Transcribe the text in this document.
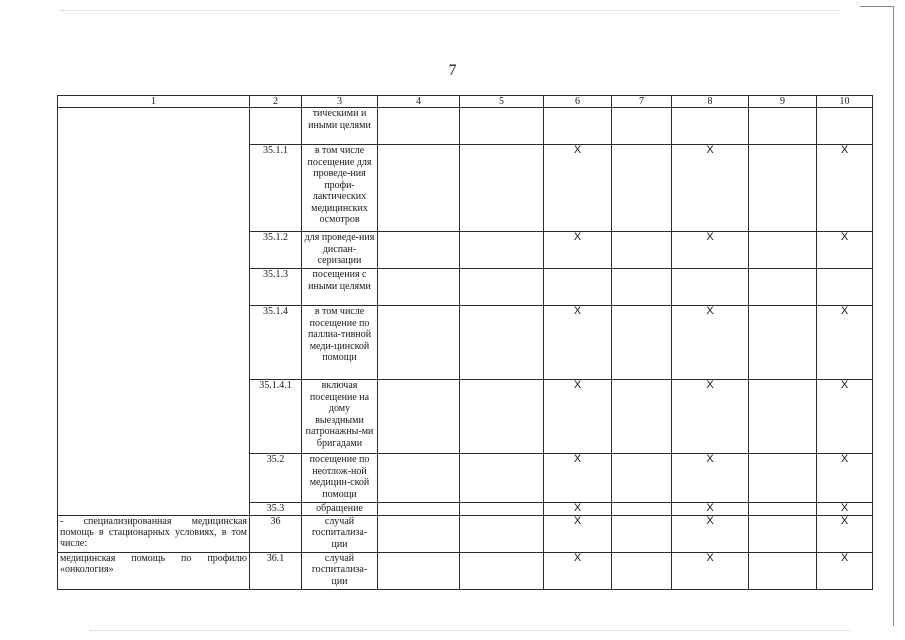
7
1	2	3	4	5	6	7	8	9	10
		тическими и иными целями							
	35.1.1	в том числе посещение для проведе-ния профи-лактических медицинских осмотров			X		X		X
	35.1.2	для проведе-ния диспан-серизации			X		X		X
	35.1.3	посещения с иными целями							
	35.1.4	в том числе посещение по паллиа-тивной меди-цинской помощи			X		X		X
	35.1.4.1	включая посещение на дому выездными патронажны-ми бригадами			X		X		X
	35.2	посещение по неотлож-ной медицин-ской помощи			X		X		X
	35.3	обращение			X		X		X
- специализированная медицинская помощь в стационарных условиях, в том числе:	36	случай госпитализа-ции			X		X		X
медицинская помощь по профилю «онкология»	36.1	случай госпитализа-ции			X		X		X
